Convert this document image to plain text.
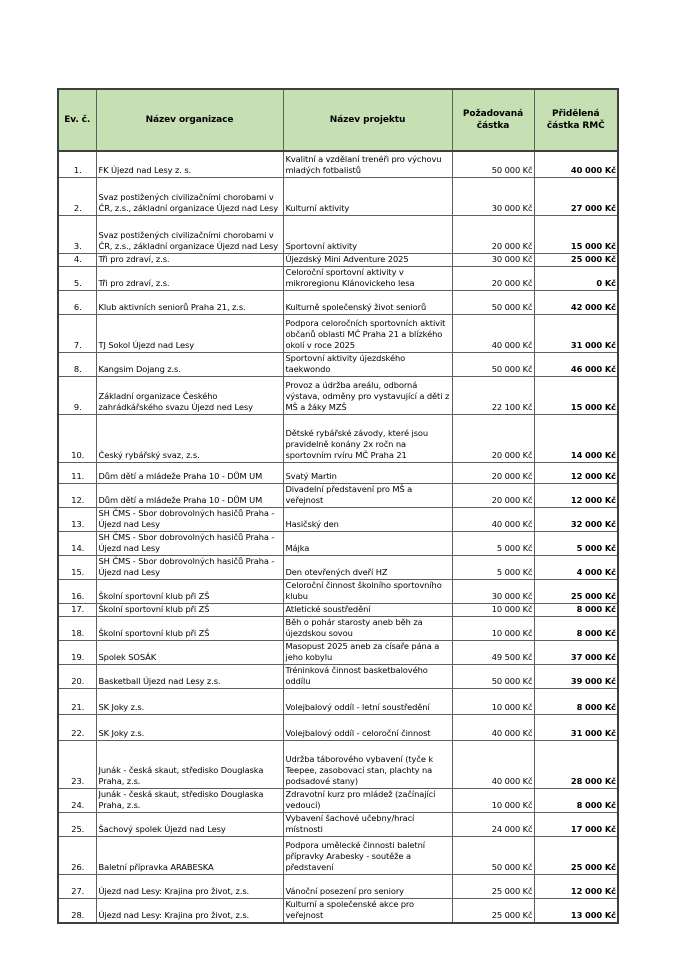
Ev. č.	Název organizace	Název projektu	Požadovaná částka	Přidělená částka RMČ
1.	FK Újezd nad Lesy z. s.	Kvalitní a vzdělaní trenéři pro výchovu mladých fotbalistů	50 000 Kč	40 000 Kč
2.	Svaz postižených civilizačními chorobami v ČR, z.s., základní organizace Újezd nad Lesy	Kulturní aktivity	30 000 Kč	27 000 Kč
3.	Svaz postižených civilizačními chorobami v ČR, z.s., základní organizace Újezd nad Lesy	Sportovní aktivity	20 000 Kč	15 000 Kč
4.	Tři pro zdraví, z.s.	Újezdský Mini Adventure 2025	30 000 Kč	25 000 Kč
5.	Tři pro zdraví, z.s.	Celoroční sportovní aktivity v mikroregionu Klánovickeho lesa	20 000 Kč	0 Kč
6.	Klub aktivních seniorů Praha 21, z.s.	Kulturně společenský život seniorů	50 000 Kč	42 000 Kč
7.	TJ Sokol Újezd nad Lesy	Podpora celoročních sportovních aktivit občanů oblasti MČ Praha 21 a blízkého okolí v roce 2025	40 000 Kč	31 000 Kč
8.	Kangsim Dojang z.s.	Sportovní aktivity újezdského taekwondo	50 000 Kč	46 000 Kč
9.	Základní organizace Českého zahrádkářského svazu Újezd ned Lesy	Provoz a údržba areálu, odborná výstava, odměny pro vystavující a děti z MŠ a žáky MZŠ	22 100 Kč	15 000 Kč
10.	Český rybářský svaz, z.s.	Dětské rybářské závody, které jsou pravidelně konány 2x ročn na sportovním rvíru MČ Praha 21	20 000 Kč	14 000 Kč
11.	Dům dětí a mládeže Praha 10 - DŮM UM	Svatý Martin	20 000 Kč	12 000 Kč
12.	Dům dětí a mládeže Praha 10 - DŮM UM	Divadelní představení pro MŠ a veřejnost	20 000 Kč	12 000 Kč
13.	SH ČMS - Sbor dobrovolných hasičů Praha - Újezd nad Lesy	Hasičský den	40 000 Kč	32 000 Kč
14.	SH ČMS - Sbor dobrovolných hasičů Praha - Újezd nad Lesy	Májka	5 000 Kč	5 000 Kč
15.	SH ČMS - Sbor dobrovolných hasičů Praha - Újezd nad Lesy	Den otevřených dveří HZ	5 000 Kč	4 000 Kč
16.	Školní sportovní klub při ZŠ	Celoroční činnost školního sportovního klubu	30 000 Kč	25 000 Kč
17.	Školní sportovní klub při ZŠ	Atletické soustředění	10 000 Kč	8 000 Kč
18.	Školní sportovní klub při ZŠ	Běh o pohár starosty aneb běh za újezdskou sovou	10 000 Kč	8 000 Kč
19.	Spolek SOSÁK	Masopust 2025 aneb za císaře pána a jeho kobylu	49 500 Kč	37 000 Kč
20.	Basketball Újezd nad Lesy z.s.	Tréninková činnost basketbalového oddílu	50 000 Kč	39 000 Kč
21.	SK Joky z.s.	Volejbalový oddíl - letní soustředění	10 000 Kč	8 000 Kč
22.	SK Joky z.s.	Volejbalový oddíl - celoroční činnost	40 000 Kč	31 000 Kč
23.	Junák - česká skaut, středisko Douglaska Praha, z.s.	Udržba táborového vybavení (tyče k Teepee, zasobovací stan, plachty na podsadové stany)	40 000 Kč	28 000 Kč
24.	Junák - česká skaut, středisko Douglaska Praha, z.s.	Zdravotní kurz pro mládež (začínající vedoucí)	10 000 Kč	8 000 Kč
25.	Šachový spolek Újezd nad Lesy	Vybavení šachové učebny/hrací místnosti	24 000 Kč	17 000 Kč
26.	Baletní přípravka ARABESKA	Podpora umělecké činnosti baletní přípravky Arabesky - soutěže a představení	50 000 Kč	25 000 Kč
27.	Újezd nad Lesy: Krajina pro život, z.s.	Vánoční posezení pro seniory	25 000 Kč	12 000 Kč
28.	Újezd nad Lesy: Krajina pro život, z.s.	Kulturní a společenské akce pro veřejnost	25 000 Kč	13 000 Kč
